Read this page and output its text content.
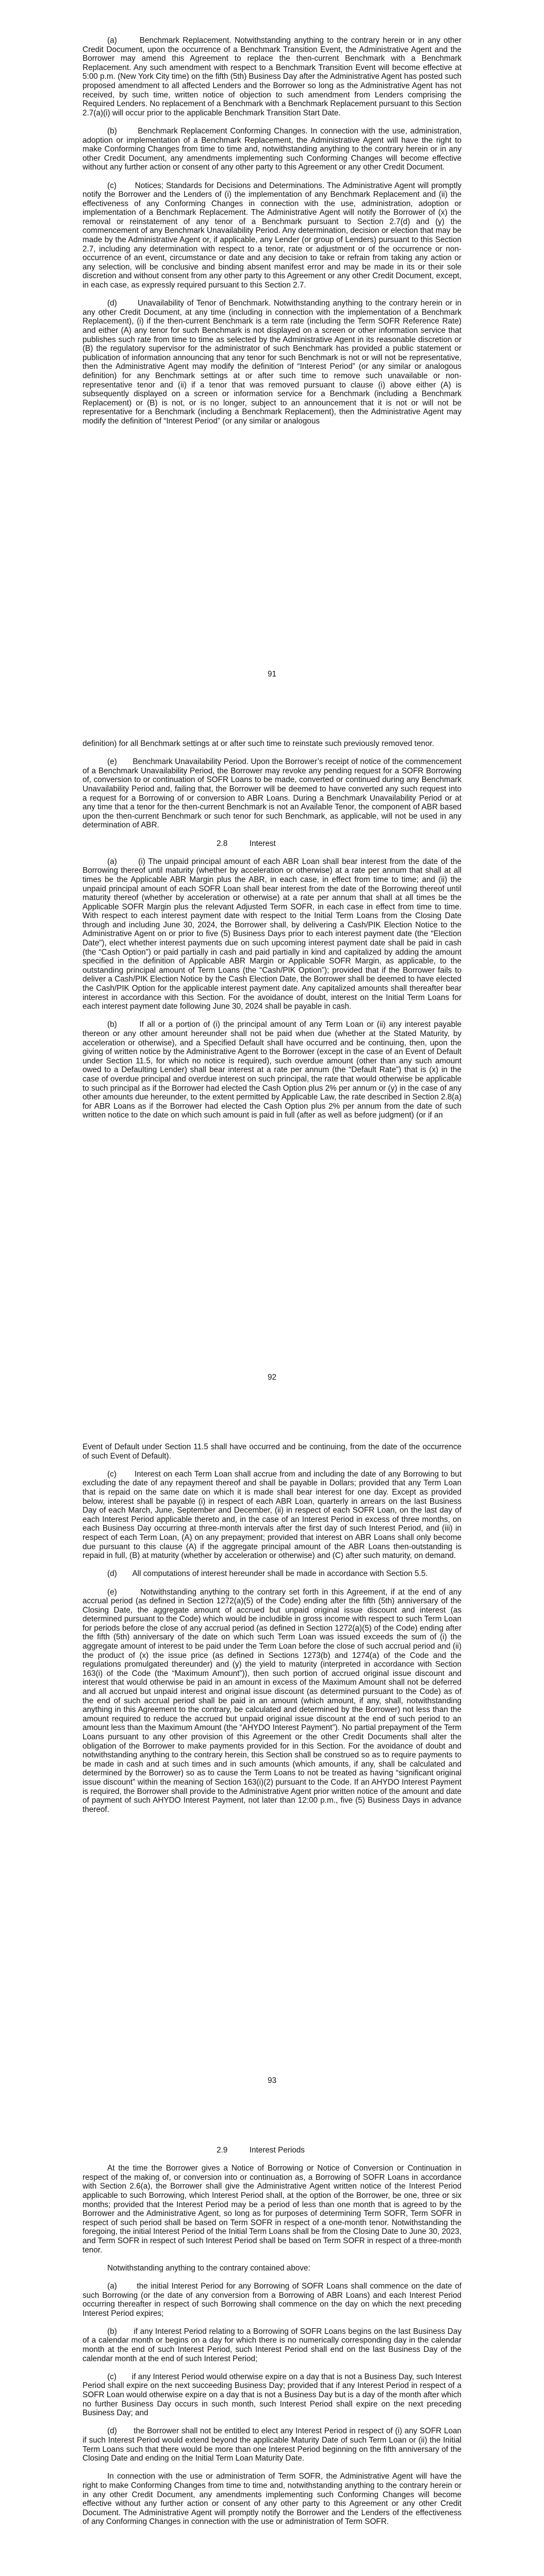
(a)       Benchmark Replacement. Notwithstanding anything to the contrary herein or in any other Credit Document, upon the occurrence of a Benchmark Transition Event, the Administrative Agent and the Borrower may amend this Agreement to replace the then-current Benchmark with a Benchmark Replacement. Any such amendment with respect to a Benchmark Transition Event will become effective at 5:00 p.m. (New York City time) on the fifth (5th) Business Day after the Administrative Agent has posted such proposed amendment to all affected Lenders and the Borrower so long as the Administrative Agent has not received, by such time, written notice of objection to such amendment from Lenders comprising the Required Lenders. No replacement of a Benchmark with a Benchmark Replacement pursuant to this Section 2.7(a)(i) will occur prior to the applicable Benchmark Transition Start Date.

(b)       Benchmark Replacement Conforming Changes. In connection with the use, administration, adoption or implementation of a Benchmark Replacement, the Administrative Agent will have the right to make Conforming Changes from time to time and, notwithstanding anything to the contrary herein or in any other Credit Document, any amendments implementing such Conforming Changes will become effective without any further action or consent of any other party to this Agreement or any other Credit Document.

(c)       Notices; Standards for Decisions and Determinations. The Administrative Agent will promptly notify the Borrower and the Lenders of (i) the implementation of any Benchmark Replacement and (ii) the effectiveness of any Conforming Changes in connection with the use, administration, adoption or implementation of a Benchmark Replacement. The Administrative Agent will notify the Borrower of (x) the removal or reinstatement of any tenor of a Benchmark pursuant to Section 2.7(d) and (y) the commencement of any Benchmark Unavailability Period. Any determination, decision or election that may be made by the Administrative Agent or, if applicable, any Lender (or group of Lenders) pursuant to this Section 2.7, including any determination with respect to a tenor, rate or adjustment or of the occurrence or non-occurrence of an event, circumstance or date and any decision to take or refrain from taking any action or any selection, will be conclusive and binding absent manifest error and may be made in its or their sole discretion and without consent from any other party to this Agreement or any other Credit Document, except, in each case, as expressly required pursuant to this Section 2.7.

(d)       Unavailability of Tenor of Benchmark. Notwithstanding anything to the contrary herein or in any other Credit Document, at any time (including in connection with the implementation of a Benchmark Replacement), (i) if the then-current Benchmark is a term rate (including the Term SOFR Reference Rate) and either (A) any tenor for such Benchmark is not displayed on a screen or other information service that publishes such rate from time to time as selected by the Administrative Agent in its reasonable discretion or (B) the regulatory supervisor for the administrator of such Benchmark has provided a public statement or publication of information announcing that any tenor for such Benchmark is not or will not be representative, then the Administrative Agent may modify the definition of “Interest Period” (or any similar or analogous definition) for any Benchmark settings at or after such time to remove such unavailable or non-representative tenor and (ii) if a tenor that was removed pursuant to clause (i) above either (A) is subsequently displayed on a screen or information service for a Benchmark (including a Benchmark Replacement) or (B) is not, or is no longer, subject to an announcement that it is not or will not be representative for a Benchmark (including a Benchmark Replacement), then the Administrative Agent may modify the definition of “Interest Period” (or any similar or analogous

91

definition) for all Benchmark settings at or after such time to reinstate such previously removed tenor.

(e)       Benchmark Unavailability Period. Upon the Borrower’s receipt of notice of the commencement of a Benchmark Unavailability Period, the Borrower may revoke any pending request for a SOFR Borrowing of, conversion to or continuation of SOFR Loans to be made, converted or continued during any Benchmark Unavailability Period and, failing that, the Borrower will be deemed to have converted any such request into a request for a Borrowing of or conversion to ABR Loans. During a Benchmark Unavailability Period or at any time that a tenor for the then-current Benchmark is not an Available Tenor, the component of ABR based upon the then-current Benchmark or such tenor for such Benchmark, as applicable, will not be used in any determination of ABR.

2.8          Interest

(a)       (i) The unpaid principal amount of each ABR Loan shall bear interest from the date of the Borrowing thereof until maturity (whether by acceleration or otherwise) at a rate per annum that shall at all times be the Applicable ABR Margin plus the ABR, in each case, in effect from time to time; and (ii) the unpaid principal amount of each SOFR Loan shall bear interest from the date of the Borrowing thereof until maturity thereof (whether by acceleration or otherwise) at a rate per annum that shall at all times be the Applicable SOFR Margin plus the relevant Adjusted Term SOFR, in each case in effect from time to time. With respect to each interest payment date with respect to the Initial Term Loans from the Closing Date through and including June 30, 2024, the Borrower shall, by delivering a Cash/PIK Election Notice to the Administrative Agent on or prior to five (5) Business Days prior to each interest payment date (the “Election Date”), elect whether interest payments due on such upcoming interest payment date shall be paid in cash (the “Cash Option”) or paid partially in cash and paid partially in kind and capitalized by adding the amount specified in the definition of Applicable ABR Margin or Applicable SOFR Margin, as applicable, to the outstanding principal amount of Term Loans (the “Cash/PIK Option”); provided that if the Borrower fails to deliver a Cash/PIK Election Notice by the Cash Election Date, the Borrower shall be deemed to have elected the Cash/PIK Option for the applicable interest payment date. Any capitalized amounts shall thereafter bear interest in accordance with this Section. For the avoidance of doubt, interest on the Initial Term Loans for each interest payment date following June 30, 2024 shall be payable in cash.

(b)       If all or a portion of (i) the principal amount of any Term Loan or (ii) any interest payable thereon or any other amount hereunder shall not be paid when due (whether at the Stated Maturity, by acceleration or otherwise), and a Specified Default shall have occurred and be continuing, then, upon the giving of written notice by the Administrative Agent to the Borrower (except in the case of an Event of Default under Section 11.5, for which no notice is required), such overdue amount (other than any such amount owed to a Defaulting Lender) shall bear interest at a rate per annum (the “Default Rate”) that is (x) in the case of overdue principal and overdue interest on such principal, the rate that would otherwise be applicable to such principal as if the Borrower had elected the Cash Option plus 2% per annum or (y) in the case of any other amounts due hereunder, to the extent permitted by Applicable Law, the rate described in Section 2.8(a) for ABR Loans as if the Borrower had elected the Cash Option plus 2% per annum from the date of such written notice to the date on which such amount is paid in full (after as well as before judgment) (or if an

92

Event of Default under Section 11.5 shall have occurred and be continuing, from the date of the occurrence of such Event of Default).

(c)       Interest on each Term Loan shall accrue from and including the date of any Borrowing to but excluding the date of any repayment thereof and shall be payable in Dollars; provided that any Term Loan that is repaid on the same date on which it is made shall bear interest for one day. Except as provided below, interest shall be payable (i) in respect of each ABR Loan, quarterly in arrears on the last Business Day of each March, June, September and December, (ii) in respect of each SOFR Loan, on the last day of each Interest Period applicable thereto and, in the case of an Interest Period in excess of three months, on each Business Day occurring at three-month intervals after the first day of such Interest Period, and (iii) in respect of each Term Loan, (A) on any prepayment; provided that interest on ABR Loans shall only become due pursuant to this clause (A) if the aggregate principal amount of the ABR Loans then-outstanding is repaid in full, (B) at maturity (whether by acceleration or otherwise) and (C) after such maturity, on demand.

(d)       All computations of interest hereunder shall be made in accordance with Section 5.5.

(e)       Notwithstanding anything to the contrary set forth in this Agreement, if at the end of any accrual period (as defined in Section 1272(a)(5) of the Code) ending after the fifth (5th) anniversary of the Closing Date, the aggregate amount of accrued but unpaid original issue discount and interest (as determined pursuant to the Code) which would be includible in gross income with respect to such Term Loan for periods before the close of any accrual period (as defined in Section 1272(a)(5) of the Code) ending after the fifth (5th) anniversary of the date on which such Term Loan was issued exceeds the sum of (i) the aggregate amount of interest to be paid under the Term Loan before the close of such accrual period and (ii) the product of (x) the issue price (as defined in Sections 1273(b) and 1274(a) of the Code and the regulations promulgated thereunder) and (y) the yield to maturity (interpreted in accordance with Section 163(i) of the Code (the “Maximum Amount”)), then such portion of accrued original issue discount and interest that would otherwise be paid in an amount in excess of the Maximum Amount shall not be deferred and all accrued but unpaid interest and original issue discount (as determined pursuant to the Code) as of the end of such accrual period shall be paid in an amount (which amount, if any, shall, notwithstanding anything in this Agreement to the contrary, be calculated and determined by the Borrower) not less than the amount required to reduce the accrued but unpaid original issue discount at the end of such period to an amount less than the Maximum Amount (the “AHYDO Interest Payment”). No partial prepayment of the Term Loans pursuant to any other provision of this Agreement or the other Credit Documents shall alter the obligation of the Borrower to make payments provided for in this Section. For the avoidance of doubt and notwithstanding anything to the contrary herein, this Section shall be construed so as to require payments to be made in cash and at such times and in such amounts (which amounts, if any, shall be calculated and determined by the Borrower) so as to cause the Term Loans to not be treated as having “significant original issue discount” within the meaning of Section 163(i)(2) pursuant to the Code. If an AHYDO Interest Payment is required, the Borrower shall provide to the Administrative Agent prior written notice of the amount and date of payment of such AHYDO Interest Payment, not later than 12:00 p.m., five (5) Business Days in advance thereof.

93

2.9          Interest Periods

At the time the Borrower gives a Notice of Borrowing or Notice of Conversion or Continuation in respect of the making of, or conversion into or continuation as, a Borrowing of SOFR Loans in accordance with Section 2.6(a), the Borrower shall give the Administrative Agent written notice of the Interest Period applicable to such Borrowing, which Interest Period shall, at the option of the Borrower, be one, three or six months; provided that the Interest Period may be a period of less than one month that is agreed to by the Borrower and the Administrative Agent, so long as for purposes of determining Term SOFR, Term SOFR in respect of such period shall be based on Term SOFR in respect of a one-month tenor. Notwithstanding the foregoing, the initial Interest Period of the Initial Term Loans shall be from the Closing Date to June 30, 2023, and Term SOFR in respect of such Interest Period shall be based on Term SOFR in respect of a three-month tenor.

Notwithstanding anything to the contrary contained above:

(a)       the initial Interest Period for any Borrowing of SOFR Loans shall commence on the date of such Borrowing (or the date of any conversion from a Borrowing of ABR Loans) and each Interest Period occurring thereafter in respect of such Borrowing shall commence on the day on which the next preceding Interest Period expires;

(b)       if any Interest Period relating to a Borrowing of SOFR Loans begins on the last Business Day of a calendar month or begins on a day for which there is no numerically corresponding day in the calendar month at the end of such Interest Period, such Interest Period shall end on the last Business Day of the calendar month at the end of such Interest Period;

(c)       if any Interest Period would otherwise expire on a day that is not a Business Day, such Interest Period shall expire on the next succeeding Business Day; provided that if any Interest Period in respect of a SOFR Loan would otherwise expire on a day that is not a Business Day but is a day of the month after which no further Business Day occurs in such month, such Interest Period shall expire on the next preceding Business Day; and

(d)       the Borrower shall not be entitled to elect any Interest Period in respect of (i) any SOFR Loan if such Interest Period would extend beyond the applicable Maturity Date of such Term Loan or (ii) the Initial Term Loans such that there would be more than one Interest Period beginning on the fifth anniversary of the Closing Date and ending on the Initial Term Loan Maturity Date.

In connection with the use or administration of Term SOFR, the Administrative Agent will have the right to make Conforming Changes from time to time and, notwithstanding anything to the contrary herein or in any other Credit Document, any amendments implementing such Conforming Changes will become effective without any further action or consent of any other party to this Agreement or any other Credit Document. The Administrative Agent will promptly notify the Borrower and the Lenders of the effectiveness of any Conforming Changes in connection with the use or administration of Term SOFR.
